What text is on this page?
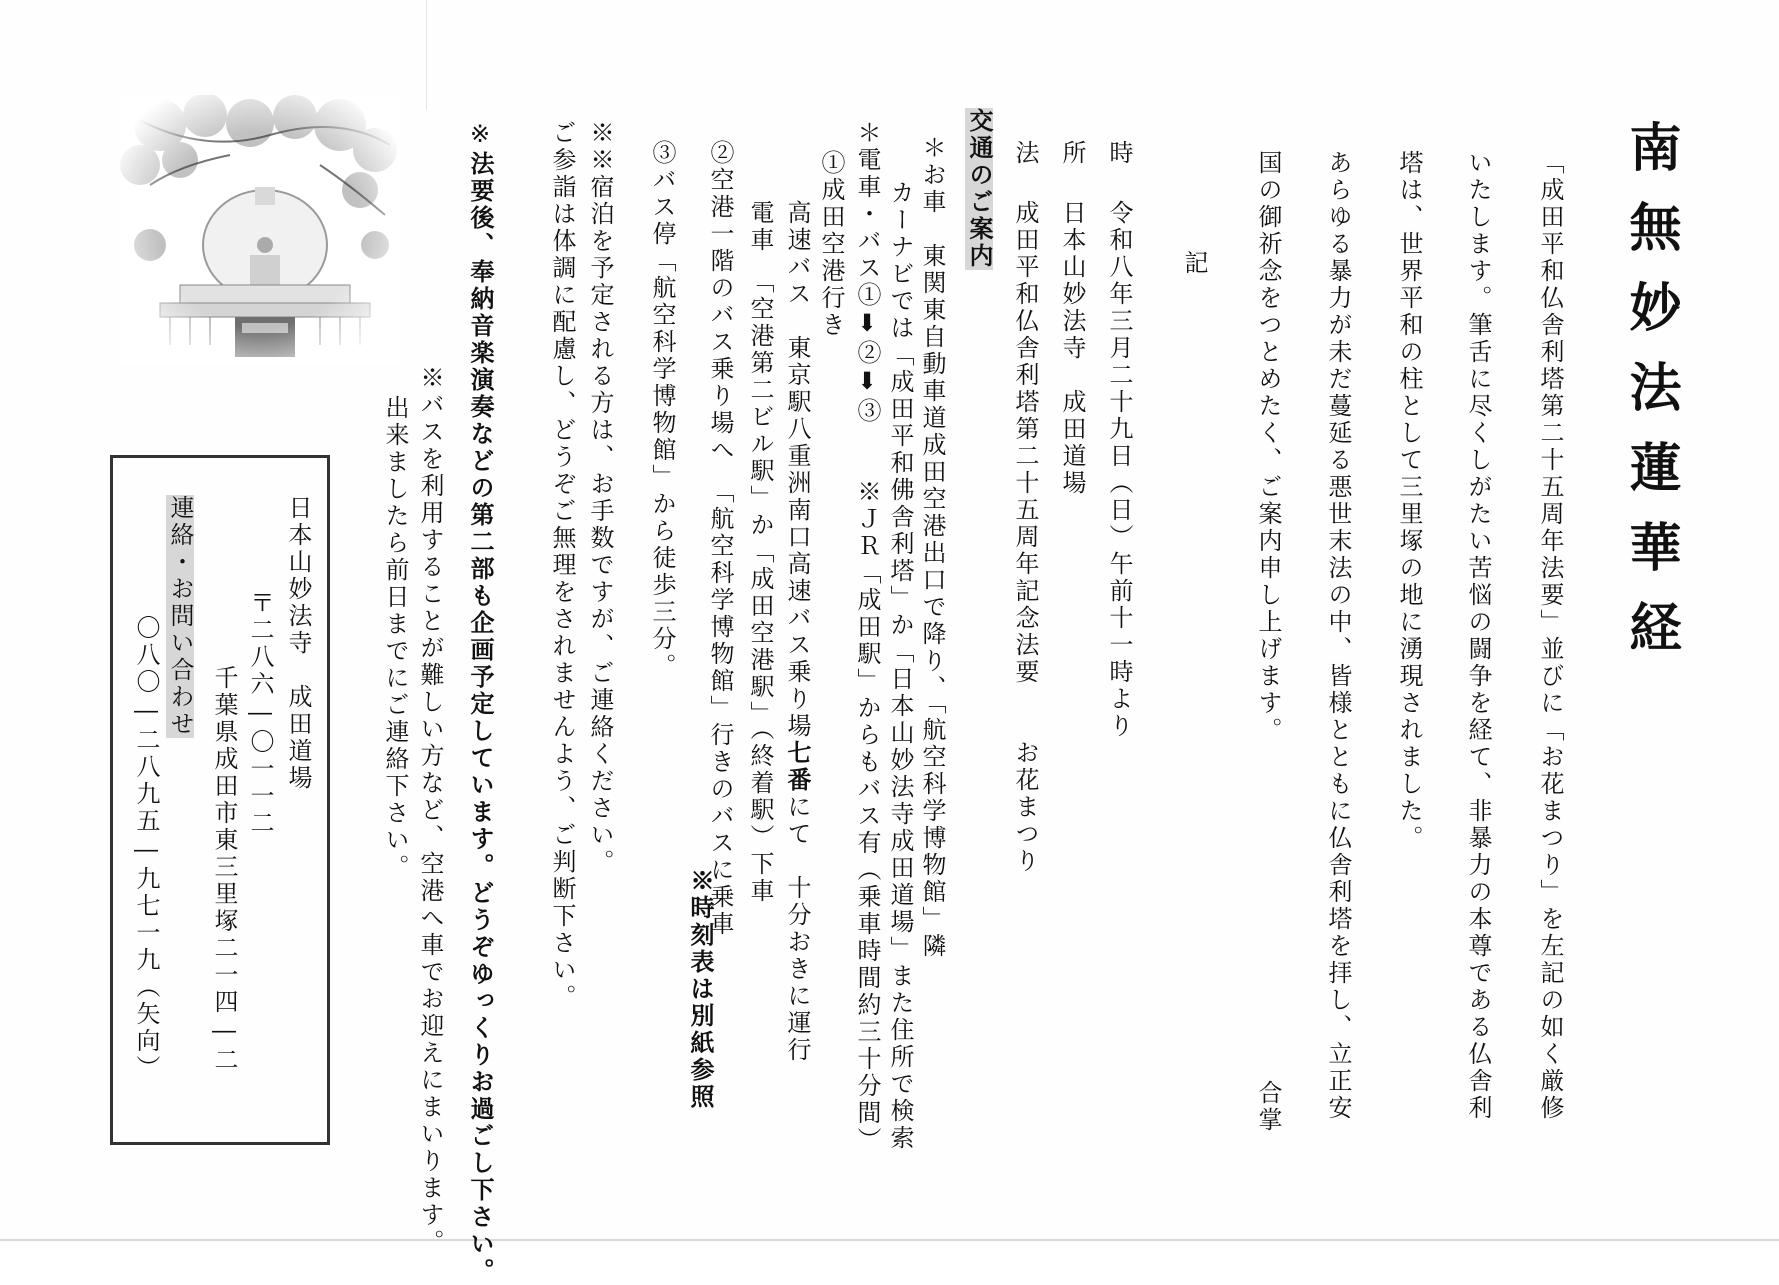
南無妙法蓮華経
「成田平和仏舎利塔第二十五周年法要」並びに「お花まつり」を左記の如く厳修
いたします。筆舌に尽くしがたい苦悩の闘争を経て、非暴力の本尊である仏舎利
塔は、世界平和の柱として三里塚の地に湧現されました。
あらゆる暴力が未だ蔓延る悪世末法の中、皆様とともに仏舎利塔を拝し、立正安
国の御祈念をつとめたく、ご案内申し上げます。
合掌
記
時
令和八年三月二十九日（日）午前十一時より
所
日本山妙法寺　成田道場
法
成田平和仏舎利塔第二十五周年記念法要　　お花まつり
交通のご案内
＊お車　東関東自動車道成田空港出口で降り、「航空科学博物館」隣
カーナビでは「成田平和佛舎利塔」か「日本山妙法寺成田道場」また住所で検索
＊電車・バス①⬇②⬇③　　※ＪＲ「成田駅」からもバス有（乗車時間約三十分間）
①成田空港行き
高速バス　東京駅八重洲南口高速バス乗り場七番にて　十分おきに運行
電車　「空港第二ビル駅」か「成田空港駅」（終着駅）下車
②空港一階のバス乗り場へ　「航空科学博物館」行きのバスに乗車
※時刻表は別紙参照
③バス停「航空科学博物館」から徒歩三分。
※※宿泊を予定される方は、お手数ですが、ご連絡ください。
ご参詣は体調に配慮し、どうぞご無理をされませんよう、ご判断下さい。
※法要後、奉納音楽演奏などの第二部も企画予定しています。どうぞゆっくりお過ごし下さい。
※バスを利用することが難しい方など、空港へ車でお迎えにまいります。
出来ましたら前日までにご連絡下さい。
日本山妙法寺　成田道場
〒二八六―〇一一二
千葉県成田市東三里塚二一四―二
連絡・お問い合わせ
〇八〇―二八九五―九七一九（矢向）
